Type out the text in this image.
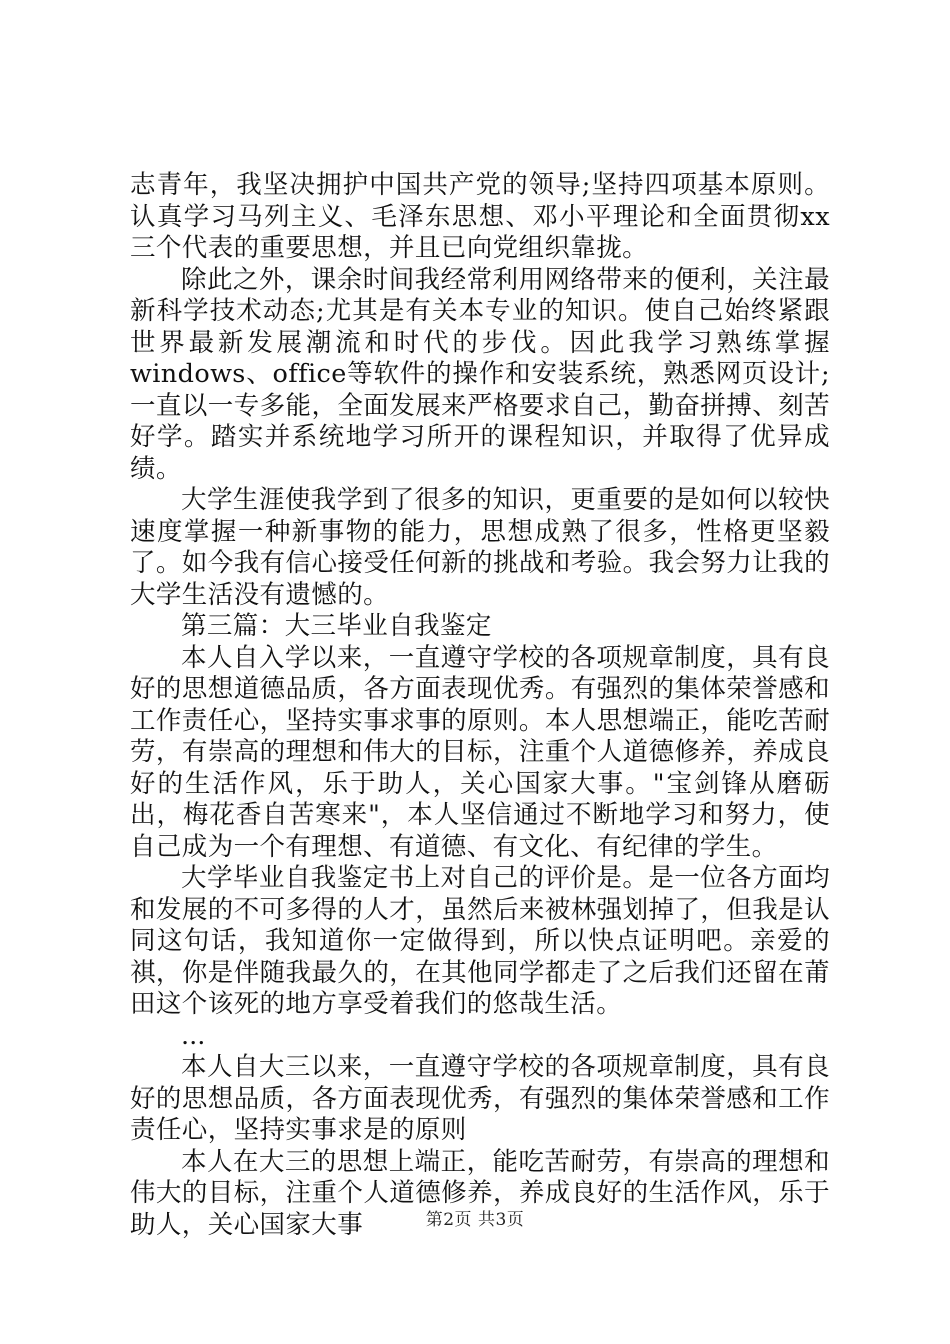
志青年，我坚决拥护中国共产党的领导;坚持四项基本原则。认真学习马列主义、毛泽东思想、邓小平理论和全面贯彻xx三个代表的重要思想，并且已向党组织靠拢。

除此之外，课余时间我经常利用网络带来的便利，关注最新科学技术动态;尤其是有关本专业的知识。使自己始终紧跟世界最新发展潮流和时代的步伐。因此我学习熟练掌握windows、office等软件的操作和安装系统，熟悉网页设计;一直以一专多能，全面发展来严格要求自己，勤奋拼搏、刻苦好学。踏实并系统地学习所开的课程知识，并取得了优异成绩。

大学生涯使我学到了很多的知识，更重要的是如何以较快速度掌握一种新事物的能力，思想成熟了很多，性格更坚毅了。如今我有信心接受任何新的挑战和考验。我会努力让我的大学生活没有遗憾的。

第三篇：大三毕业自我鉴定

本人自入学以来，一直遵守学校的各项规章制度，具有良好的思想道德品质，各方面表现优秀。有强烈的集体荣誉感和工作责任心，坚持实事求事的原则。本人思想端正，能吃苦耐劳，有崇高的理想和伟大的目标，注重个人道德修养，养成良好的生活作风，乐于助人，关心国家大事。"宝剑锋从磨砺出，梅花香自苦寒来"，本人坚信通过不断地学习和努力，使自己成为一个有理想、有道德、有文化、有纪律的学生。

大学毕业自我鉴定书上对自己的评价是。是一位各方面均和发展的不可多得的人才，虽然后来被林强划掉了，但我是认同这句话，我知道你一定做得到，所以快点证明吧。亲爱的祺，你是伴随我最久的，在其他同学都走了之后我们还留在莆田这个该死的地方享受着我们的悠哉生活。

...

本人自大三以来，一直遵守学校的各项规章制度，具有良好的思想品质，各方面表现优秀，有强烈的集体荣誉感和工作责任心，坚持实事求是的原则

本人在大三的思想上端正，能吃苦耐劳，有崇高的理想和伟大的目标，注重个人道德修养，养成良好的生活作风，乐于助人，关心国家大事	第2页 共3页
